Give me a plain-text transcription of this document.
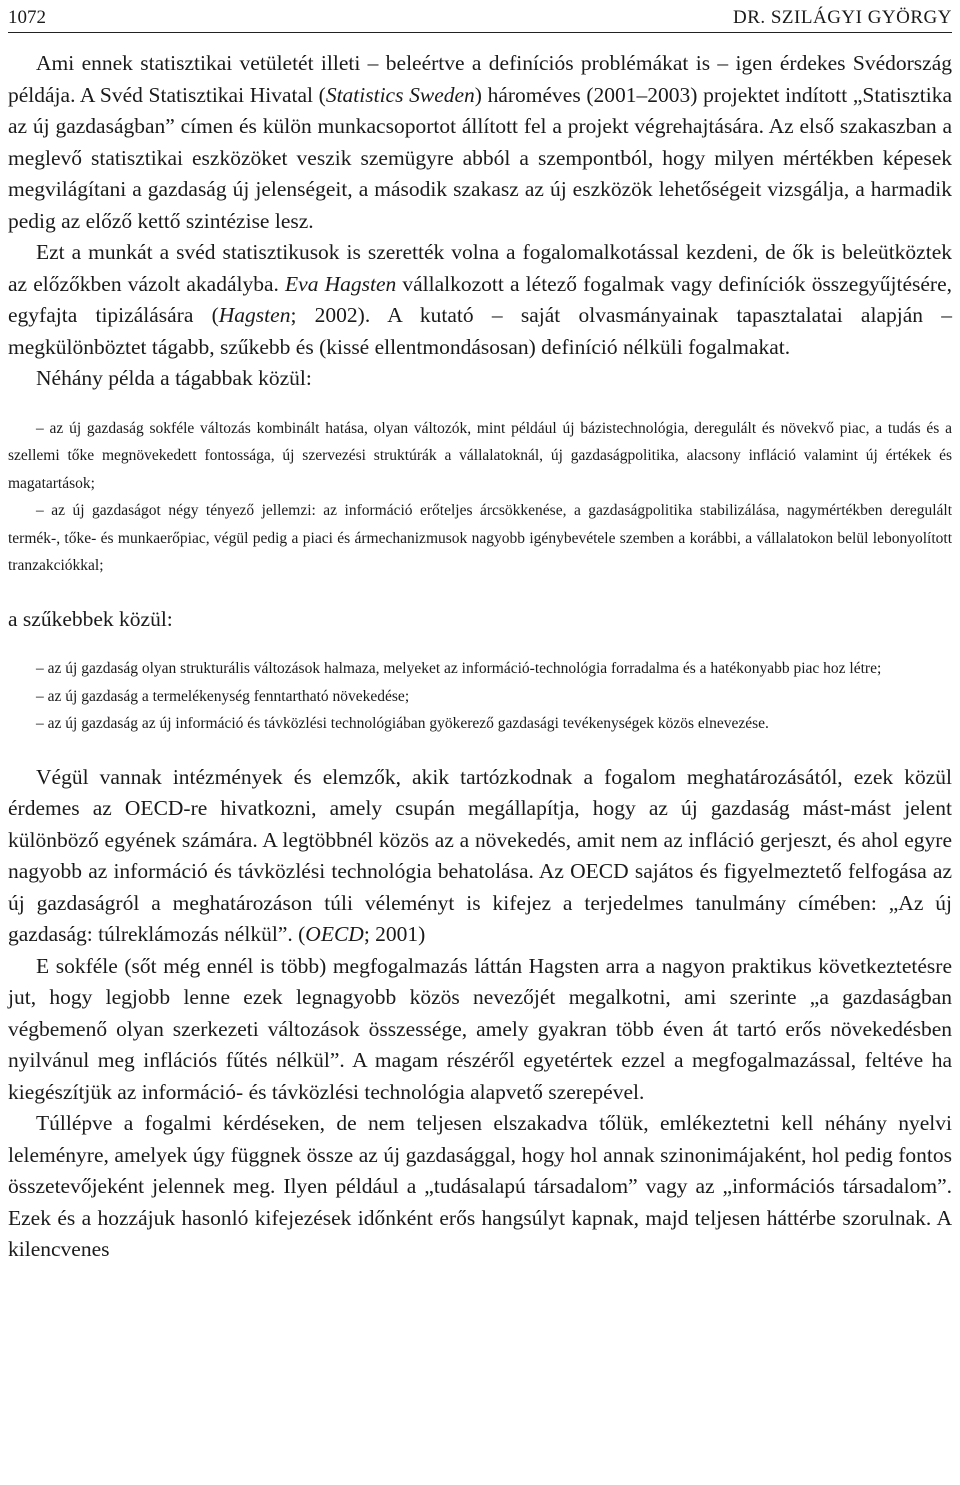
1072	DR. SZILÁGYI GYÖRGY

Ami ennek statisztikai vetületét illeti – beleértve a definíciós problémákat is – igen érdekes Svédország példája. A Svéd Statisztikai Hivatal (Statistics Sweden) hároméves (2001–2003) projektet indított „Statisztika az új gazdaságban” címen és külön munkacsoportot állított fel a projekt végrehajtására. Az első szakaszban a meglevő statisztikai eszközöket veszik szemügyre abból a szempontból, hogy milyen mértékben képesek megvilágítani a gazdaság új jelenségeit, a második szakasz az új eszközök lehetőségeit vizsgálja, a harmadik pedig az előző kettő szintézise lesz.

Ezt a munkát a svéd statisztikusok is szerették volna a fogalomalkotással kezdeni, de ők is beleütköztek az előzőkben vázolt akadályba. Eva Hagsten vállalkozott a létező fogalmak vagy definíciók összegyűjtésére, egyfajta tipizálására (Hagsten; 2002). A kutató – saját olvasmányainak tapasztalatai alapján – megkülönböztet tágabb, szűkebb és (kissé ellentmondásosan) definíció nélküli fogalmakat.

Néhány példa a tágabbak közül:

– az új gazdaság sokféle változás kombinált hatása, olyan változók, mint például új bázistechnológia, deregulált és növekvő piac, a tudás és a szellemi tőke megnövekedett fontossága, új szervezési struktúrák a vállalatoknál, új gazdaságpolitika, alacsony infláció valamint új értékek és magatartások;

– az új gazdaságot négy tényező jellemzi: az információ erőteljes árcsökkenése, a gazdaságpolitika stabilizálása, nagymértékben deregulált termék-, tőke- és munkaerőpiac, végül pedig a piaci és ármechanizmusok nagyobb igénybevétele szemben a korábbi, a vállalatokon belül lebonyolított tranzakciókkal;

a szűkebbek közül:

– az új gazdaság olyan strukturális változások halmaza, melyeket az információ-technológia forradalma és a hatékonyabb piac hoz létre;

– az új gazdaság a termelékenység fenntartható növekedése;

– az új gazdaság az új információ és távközlési technológiában gyökerező gazdasági tevékenységek közös elnevezése.

Végül vannak intézmények és elemzők, akik tartózkodnak a fogalom meghatározásától, ezek közül érdemes az OECD-re hivatkozni, amely csupán megállapítja, hogy az új gazdaság mást-mást jelent különböző egyének számára. A legtöbbnél közös az a növekedés, amit nem az infláció gerjeszt, és ahol egyre nagyobb az információ és távközlési technológia behatolása. Az OECD sajátos és figyelmeztető felfogása az új gazdaságról a meghatározáson túli véleményt is kifejez a terjedelmes tanulmány címében: „Az új gazdaság: túlreklámozás nélkül”. (OECD; 2001)

E sokféle (sőt még ennél is több) megfogalmazás láttán Hagsten arra a nagyon praktikus következtetésre jut, hogy legjobb lenne ezek legnagyobb közös nevezőjét megalkotni, ami szerinte „a gazdaságban végbemenő olyan szerkezeti változások összessége, amely gyakran több éven át tartó erős növekedésben nyilvánul meg inflációs fűtés nélkül”. A magam részéről egyetértek ezzel a megfogalmazással, feltéve ha kiegészítjük az információ- és távközlési technológia alapvető szerepével.

Túllépve a fogalmi kérdéseken, de nem teljesen elszakadva tőlük, emlékeztetni kell néhány nyelvi leleményre, amelyek úgy függnek össze az új gazdasággal, hogy hol annak szinonimájaként, hol pedig fontos összetevőjeként jelennek meg. Ilyen például a „tudásalapú társadalom” vagy az „információs társadalom”. Ezek és a hozzájuk hasonló kifejezések időnként erős hangsúlyt kapnak, majd teljesen háttérbe szorulnak. A kilencvenes
